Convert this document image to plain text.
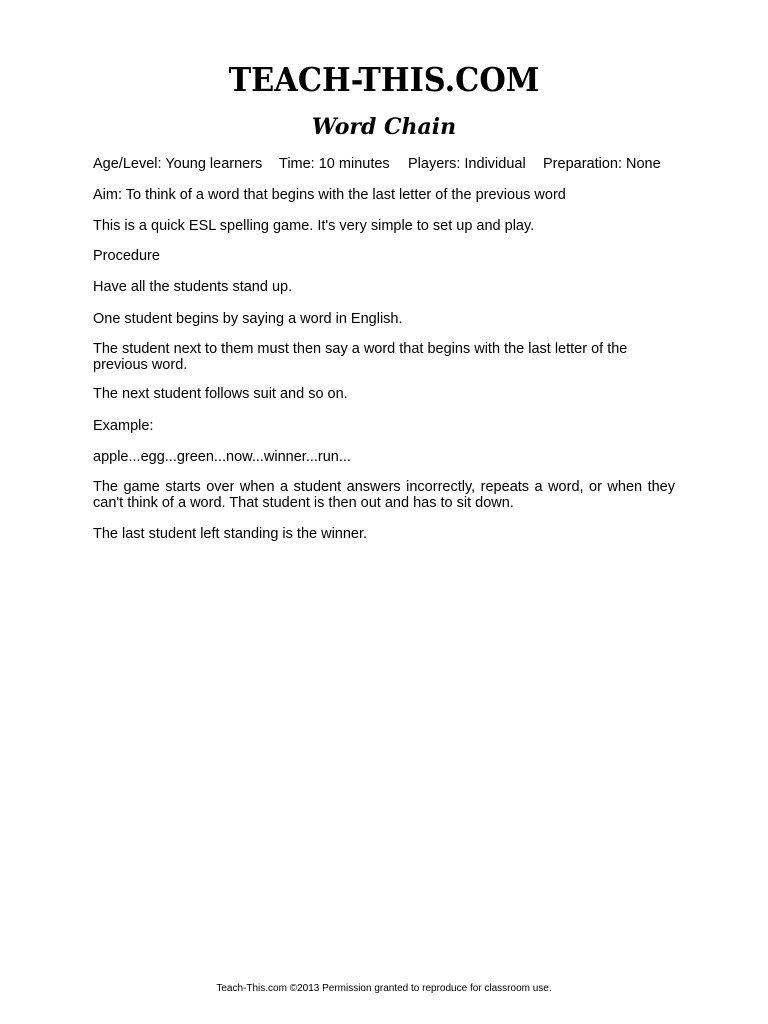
TEACH-THIS.COM
Word Chain
Age/Level: Young learners Time: 10 minutes Players: Individual Preparation: None

Aim: To think of a word that begins with the last letter of the previous word

This is a quick ESL spelling game. It's very simple to set up and play.

Procedure

Have all the students stand up.

One student begins by saying a word in English.

The student next to them must then say a word that begins with the last letter of the previous word.

The next student follows suit and so on.

Example:

apple...egg...green...now...winner...run...

The game starts over when a student answers incorrectly, repeats a word, or when they can't think of a word. That student is then out and has to sit down.

The last student left standing is the winner.

Teach-This.com ©2013 Permission granted to reproduce for classroom use.
